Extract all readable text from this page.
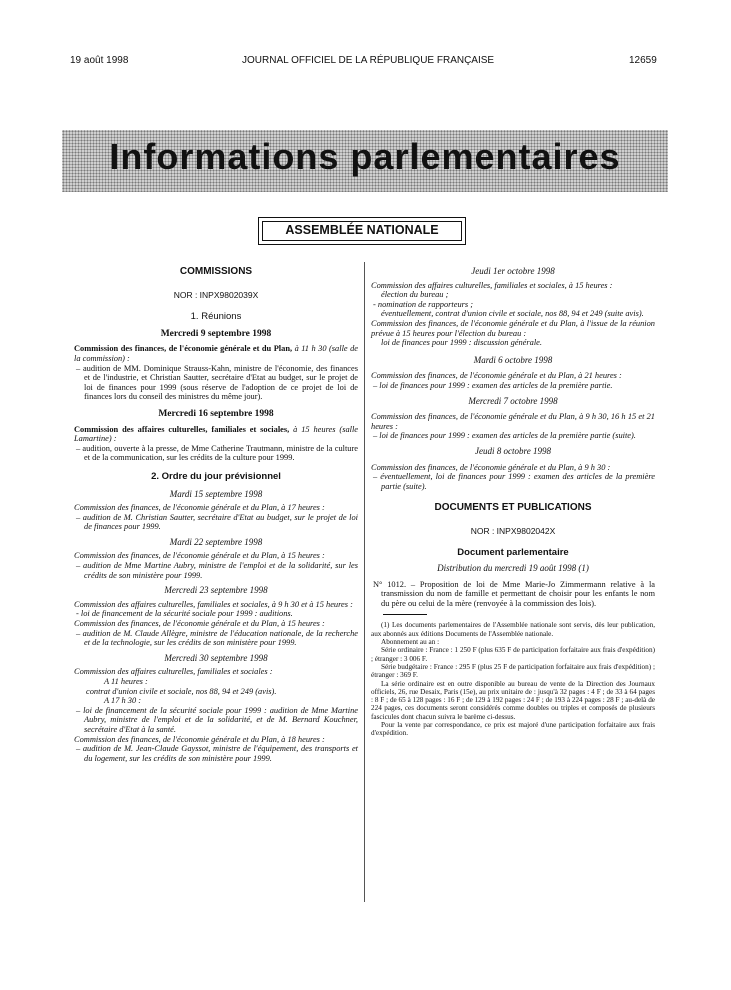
19 août 1998	JOURNAL OFFICIEL DE LA RÉPUBLIQUE FRANÇAISE	12659
Informations parlementaires
ASSEMBLÉE NATIONALE
COMMISSIONS
NOR : INPX9802039X
1. Réunions
Mercredi 9 septembre 1998

Commission des finances, de l'économie générale et du Plan, à 11 h 30 (salle de la commission) :

– audition de MM. Dominique Strauss-Kahn, ministre de l'économie, des finances et de l'industrie, et Christian Sautter, secrétaire d'Etat au budget, sur le projet de loi de finances pour 1999 (sous réserve de l'adoption de ce projet de loi de finances lors du conseil des ministres du même jour).

Mercredi 16 septembre 1998

Commission des affaires culturelles, familiales et sociales, à 15 heures (salle Lamartine) :

– audition, ouverte à la presse, de Mme Catherine Trautmann, ministre de la culture et de la communication, sur les crédits de la culture pour 1999.

2. Ordre du jour prévisionnel
Mardi 15 septembre 1998

Commission des finances, de l'économie générale et du Plan, à 17 heures :

– audition de M. Christian Sautter, secrétaire d'Etat au budget, sur le projet de loi de finances pour 1999.

Mardi 22 septembre 1998

Commission des finances, de l'économie générale et du Plan, à 15 heures :

– audition de Mme Martine Aubry, ministre de l'emploi et de la solidarité, sur les crédits de son ministère pour 1999.

Mercredi 23 septembre 1998

Commission des affaires culturelles, familiales et sociales, à 9 h 30 et à 15 heures :

- loi de financement de la sécurité sociale pour 1999 : auditions.

Commission des finances, de l'économie générale et du Plan, à 15 heures :

– audition de M. Claude Allègre, ministre de l'éducation nationale, de la recherche et de la technologie, sur les crédits de son ministère pour 1999.

Mercredi 30 septembre 1998

Commission des affaires culturelles, familiales et sociales :

A 11 heures :

contrat d'union civile et sociale, nos 88, 94 et 249 (avis).

A 17 h 30 :

– loi de financement de la sécurité sociale pour 1999 : audition de Mme Martine Aubry, ministre de l'emploi et de la solidarité, et de M. Bernard Kouchner, secrétaire d'Etat à la santé.

Commission des finances, de l'économie générale et du Plan, à 18 heures :

– audition de M. Jean-Claude Gayssot, ministre de l'équipement, des transports et du logement, sur les crédits de son ministère pour 1999.

Jeudi 1er octobre 1998

Commission des affaires culturelles, familiales et sociales, à 15 heures :

élection du bureau ;

- nomination de rapporteurs ;

éventuellement, contrat d'union civile et sociale, nos 88, 94 et 249 (suite avis).

Commission des finances, de l'économie générale et du Plan, à l'issue de la réunion prévue à 15 heures pour l'élection du bureau :

loi de finances pour 1999 : discussion générale.

Mardi 6 octobre 1998

Commission des finances, de l'économie générale et du Plan, à 21 heures :

– loi de finances pour 1999 : examen des articles de la première partie.

Mercredi 7 octobre 1998

Commission des finances, de l'économie générale et du Plan, à 9 h 30, 16 h 15 et 21 heures :

– loi de finances pour 1999 : examen des articles de la première partie (suite).

Jeudi 8 octobre 1998

Commission des finances, de l'économie générale et du Plan, à 9 h 30 :

– éventuellement, loi de finances pour 1999 : examen des articles de la première partie (suite).

DOCUMENTS ET PUBLICATIONS
NOR : INPX9802042X
Document parlementaire
Distribution du mercredi 19 août 1998 (1)

N° 1012. – Proposition de loi de Mme Marie-Jo Zimmermann relative à la transmission du nom de famille et permettant de choisir pour les enfants le nom du père ou celui de la mère (renvoyée à la commission des lois).

(1) Les documents parlementaires de l'Assemblée nationale sont servis, dès leur publication, aux abonnés aux éditions Documents de l'Assemblée nationale.

Abonnement au an :

Série ordinaire : France : 1 250 F (plus 635 F de participation forfaitaire aux frais d'expédition) ; étranger : 3 006 F.

Série budgétaire : France : 295 F (plus 25 F de participation forfaitaire aux frais d'expédition) ; étranger : 369 F.

La série ordinaire est en outre disponible au bureau de vente de la Direction des Journaux officiels, 26, rue Desaix, Paris (15e), au prix unitaire de : jusqu'à 32 pages : 4 F ; de 33 à 64 pages : 8 F ; de 65 à 128 pages : 16 F ; de 129 à 192 pages : 24 F ; de 193 à 224 pages : 28 F ; au-delà de 224 pages, ces documents seront considérés comme doubles ou triples et composés de plusieurs fascicules dont chacun suivra le barème ci-dessus.

Pour la vente par correspondance, ce prix est majoré d'une participation forfaitaire aux frais d'expédition.
